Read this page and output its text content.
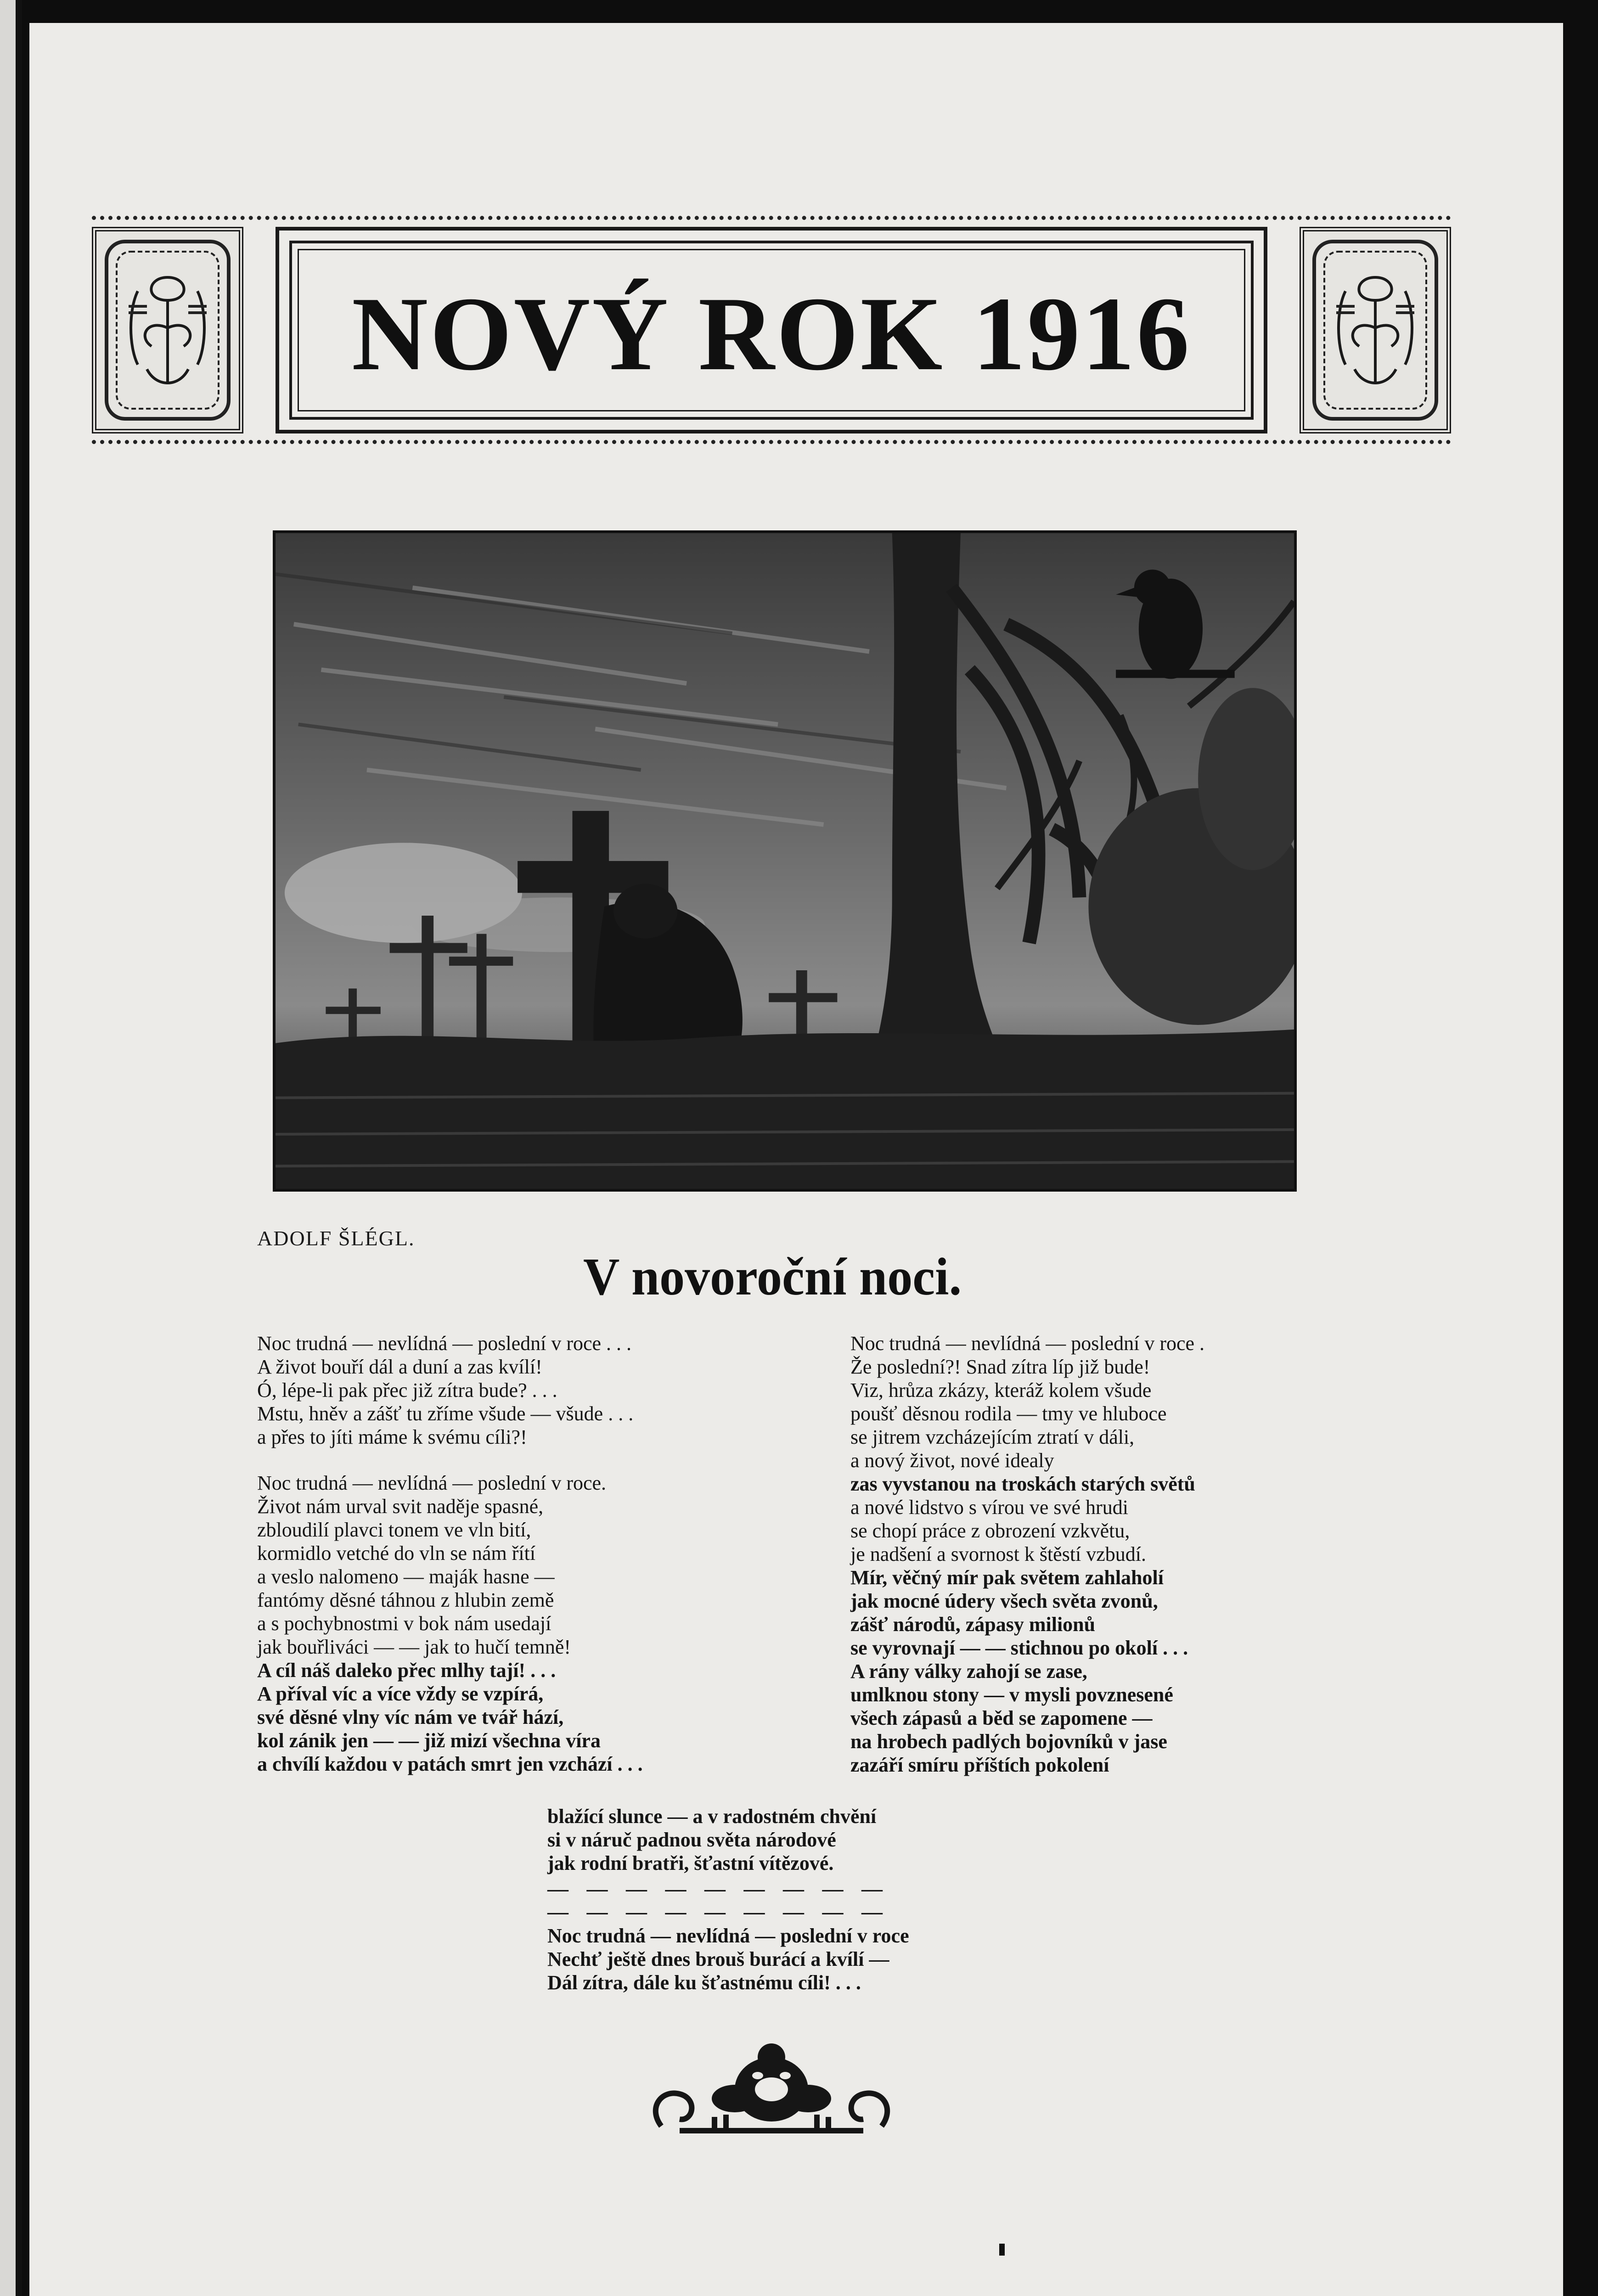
NOVÝ ROK 1916
ADOLF ŠLÉGL.
V novoroční noci.
Noc trudná — nevlídná — poslední v roce . . .
A život bouří dál a duní a zas kvílí!
Ó, lépe-li pak přec již zítra bude? . . .
Mstu, hněv a zášť tu zříme všude — všude . . .
a přes to jíti máme k svému cíli?!
Noc trudná — nevlídná — poslední v roce.
Život nám urval svit naděje spasné,
zbloudilí plavci tonem ve vln bití,
kormidlo vetché do vln se nám řítí
a veslo nalomeno — maják hasne —
fantómy děsné táhnou z hlubin země
a s pochybnostmi v bok nám usedají
jak bouřliváci — — jak to hučí temně!
A cíl náš daleko přec mlhy tají! . . .
A příval víc a více vždy se vzpírá,
své děsné vlny víc nám ve tvář hází,
kol zánik jen — — již mizí všechna víra
a chvílí každou v patách smrt jen vzchází . . .
Noc trudná — nevlídná — poslední v roce .
Že poslední?! Snad zítra líp již bude!
Viz, hrůza zkázy, kteráž kolem všude
poušť děsnou rodila — tmy ve hluboce
se jitrem vzcházejícím ztratí v dáli,
a nový život, nové idealy
zas vyvstanou na troskách starých světů
a nové lidstvo s vírou ve své hrudi
se chopí práce z obrození vzkvětu,
je nadšení a svornost k štěstí vzbudí.
Mír, věčný mír pak světem zahlaholí
jak mocné údery všech světa zvonů,
zášť národů, zápasy milionů
se vyrovnají — — stichnou po okolí . . .
A rány války zahojí se zase,
umlknou stony — v mysli povznesené
všech zápasů a běd se zapomene —
na hrobech padlých bojovníků v jase
zazáří smíru příštích pokolení
blažící slunce — a v radostném chvění
si v náruč padnou světa národové
jak rodní bratři, šťastní vítězové.
— — — — — — — — —
— — — — — — — — —
Noc trudná — nevlídná — poslední v roce
Nechť ještě dnes brouš burácí a kvílí —
Dál zítra, dále ku šťastnému cíli! . . .
